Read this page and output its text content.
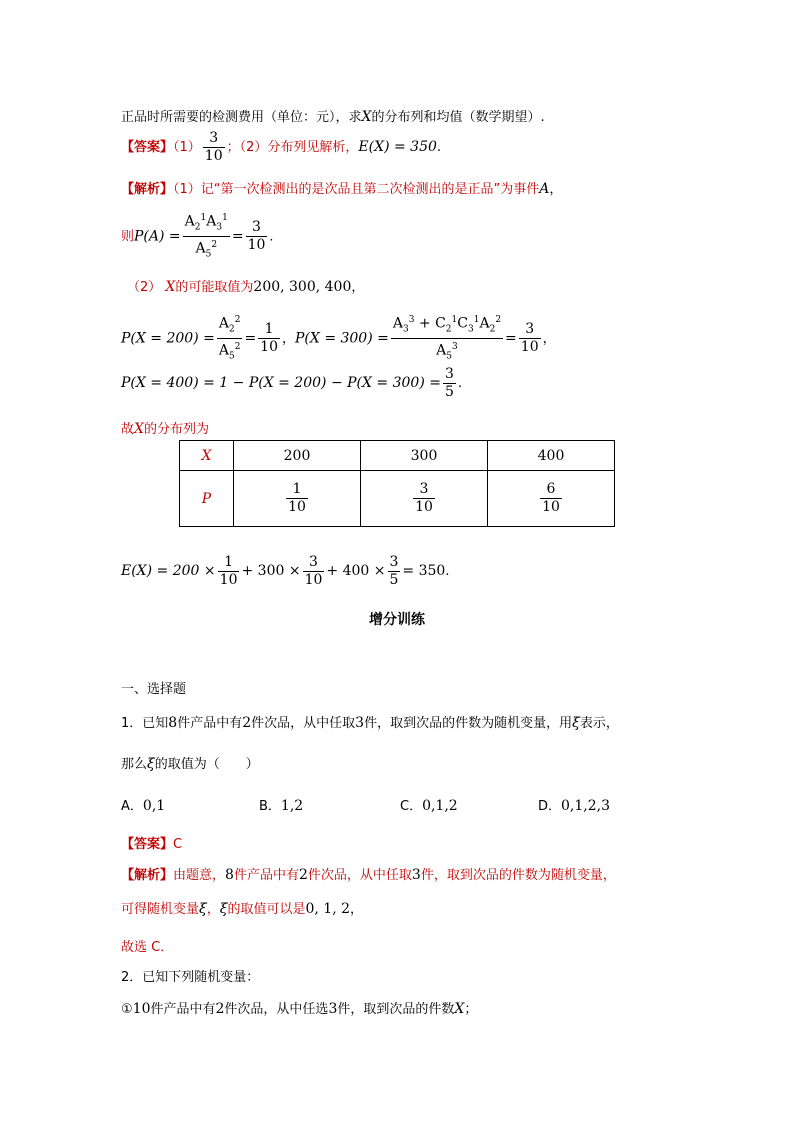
正品时所需要的检测费用（单位：元），求X的分布列和均值（数学期望）.
【答案】$(1) \frac{3}{10}$ ；（2）分布列见解析，E(X) = 350.
【解析】（1）记“第一次检测出的是次品且第二次检测出的是正品”为事件A，
则$P(A) = \frac{A_2^1A_3^1}{A_5^2} = \frac{3}{10}$ .
（2） X的可能取值为200, 300, 400，
$P(X = 200) = \frac{A_2^2}{A_5^2} = \frac{1}{10}$ ，$P(X = 300) = \frac{A_3^3 + C_2^1C_3^1A_2^2}{A_5^3} = \frac{3}{10}$ ，
$P(X = 400) = 1 - P(X = 200) - P(X = 300) = \frac{3}{5}$ .
故X的分布列为
X	200	300	400
P	$\frac{1}{10}$	$\frac{3}{10}$	$\frac{6}{10}$
$E(X) = 200 \times \frac{1}{10} + 300 \times \frac{3}{10} + 400 \times \frac{3}{5} = 350$.
增分训练
一、选择题
1．已知8件产品中有2件次品，从中任取3件，取到次品的件数为随机变量，用ξ表示，
那么ξ的取值为（　　）
A．0,1	B．1,2	C．0,1,2	D．0,1,2,3
【答案】C
【解析】由题意，8件产品中有2件次品，从中任取3件，取到次品的件数为随机变量，
可得随机变量ξ，ξ的取值可以是0, 1, 2，
故选 C．
2．已知下列随机变量：
①10件产品中有2件次品，从中任选3件，取到次品的件数X；
